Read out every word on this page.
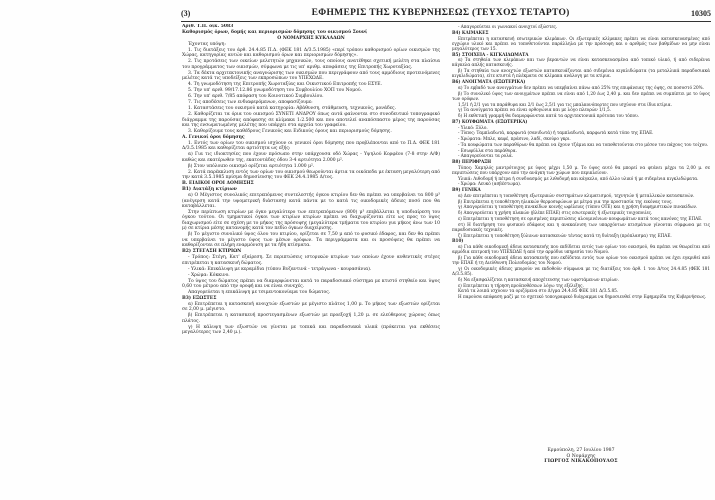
(3)	ΕΦΗΜΕΡΙΣ ΤΗΣ ΚΥΒΕΡΝΗΣΕΩΣ (ΤΕΥΧΟΣ ΤΕΤΑΡΤΟ)	10305

Αριθ. Τ.Π. οικ. 5083

Καθορισμός όρων, δομής και περιορισμών δόμησης του οικισμού Σουνί

Ο ΝΟΜΑΡΧΗΣ ΚΥΚΛΑΔΩΝ

Έχοντας υπόψη:

1. Τις διατάξεις του άρθ. 24.4.85 Π.Δ. (ΦΕΚ 181 Δ/3.5.1985) «περί τρόπου καθορισμού ορίων οικισμών της Χώρας, κατηγορίας αυτών και καθορισμού όρων και περιορισμών δόμησης».

2. Τις προτάσεις των οικείων μελετητών μηχανικών, τους οποίους ανατέθηκε σχετική μελέτη στα πλαίσια του προγράμματος των οικισμών, σύμφωνα με τις υπ' αριθμ. αποφάσεις της Επιτροπής Χωροταξίας.

3. Τα δέκτα αρχιτεκτονικής αναγνώρισης των οικισμών που περιγράφουν από τους αρμόδιους προτεινόμενες μελέτες κατά τις υποδείξεις των εκπροσώπων του ΥΠΕΧΩΔΕ.

4. Τη γνωμοδότηση της Επιτροπής Χωροταξίας και Οικιστικού Επιτροπής του ΕΣΥΕ.

5. Την υπ' αριθ. 99/17.12.86 γνωμοδότηση του Συμβουλίου ΧΟΠ του Νομού.

6. Την υπ' αριθ. 7/85 απόφαση του Κοινοτικού Συμβουλίου.

7. Τις αποδέσεις των ενδιαφερόμενων, αποφασίζουμε:

1. Καταστάσεις του οικισμού κατά κατηγορία: Αβάθυνση, στάθμευση, τεχνικούς, μονάδες.

2. Καθορίζεται τα όρια του οικισμού ΣΥΝΕΤΙ ΑΝΔΡΟΥ όπως αυτά φαίνονται στο συνοδευτικό τοπογραφικό διάγραμμα της παρούσας απόφασης σε κλίμακα 1:2.500 και που αποτελεί αναπόσπαστο μέρος της παρούσας και της ενσωματωμένης μελέτης που υπάρχει στα αρχεία του γραφείου.

3. Καθορίζουμε τους καθέδρους Γενικούς και Ειδικούς όρους και περιορισμούς δόμησης.

Α. Γενικοί όροι δόμησης

1. Εντός των ορίων του οικισμού ισχύουν οι γενικοί όροι δόμησης που προβλέπονται από το Π.Δ. ΦΕΚ 181 Δ/3.5.1985 και καθορίζεται αρτιότητα ως εξής:

α) Για τις ιδιοκτησίες που έχουν πρόσωπο στην υπάρχουσα οδό Χώρας - Υψηλού Κορφέου (7-8 στην Α/Φ) καθώς και εκατέρωθεν της, εκατοντάδες όδου 3-4 αρτιότητα 2.000 μ².

β) Στον υπόλοιπο οικισμό ορίζεται αρτιότητα 1.000 μ².

2. Κατά παρέκκλιση εντός των ορίων του οικισμού θεωρούνται άρτια τα οικόπεδα με έκταση μεγαλύτερη από την κατά 3.5.1985 πρίσμα δημοσίευσης του ΦΕΚ 24.4.1985 Δ/τος.

Β. ΕΙΔΙΚΟΙ ΟΡΟΙ ΔΟΜΗΣΗΣ

Β1) Διατάξη κτίριων

α) Ο Μέγιστος συνολικός επιτρεπόμενος συντελεστής όγκου κτιρίου δεν θα πρέπει να υπερβαίνει τα 800 μ³ (ανέγερση κατά την υψομετρική διάσταση) κατά πάντα με το κατά τις οικοδομικές άδειες ποσό που θα καταβάλλεται.

Στην περίπτωση κτιρίων με όγκο μεγαλύτερο των επιτρεπόμενων (800) μ³ επιβάλλεται η υποδιαίρεση του όγκου τούτου. Οι τμηματικοί όγκοι των κτιρίων κτιρίων πρέπει να διαχωρίζονται είτε ως προς το ύψος διαχωρισμού είτε σε σχέση με το μήκος της πρόσοψης (μεγαλύτερα τμήματα του κτιρίου για μήκος άνω των 10 μ) σε κτίρια μέσης κατανομής κατά τον πεδίο όγκων διαχείρισης.

β) Το μέγιστο συνολικό ύψος όλου του κτιρίου, ορίζεται σε 7,50 μ από το φυσικό έδαφος, και δεν θα πρέπει να υπερβαίνει το μέγιστο ύψος των μέσων ορόφων. Τα περιγράμματα και οι προσόψεις θα πρέπει να καθορίζονται σε πλήρη εναρμόνιση με τα ήδη κτίσματα.

Β2) ΣΤΕΓΑΣΗ ΚΤΙΡΙΩΝ

- Τρόπος: Στέγη, Κατ' εξαίρεση. Σε περιπτώσεις ιστορικών κτιρίων των οποίων έχουν αυθεντικές στέγες επιτρέπεται η κατασκευή δώματος.

- Υλικά: Επικάλυψη με κεραμίδια (τύπου Βυζαντινά - τετράγωνα - κουρασάνια).

- Χρώμα: Κόκκινο.

Το ύψος του δώματος πρέπει να διαμορφώνεται κατά το παραδοσιακό σύστημα με κτιστό στηθαίο και ύψος 0,60 του μέτρου από την οροφή και να είναι συνεχές.

Απαγορεύεται η επικάλυψη με τσιμεντοκονίαμα του δώματος.

Β3) ΕΞΩΣΤΕΣ

α) Επιτρέπεται η κατασκευή ανοιχτών εξωστών με μέγιστο πλάτος 1,00 μ. Το μήκος των εξωστών ορίζεται σε 2,00 μ. μέγιστο.

β) Επιτρέπεται η κατασκευή προστεγασμένων εξωστών με προεξοχή 1,20 μ. σε ελεύθερους χώρους όπως πλάτος.

γ) Η κάλυψη των εξωστών να γίνεται με τοπικά και παραδοσιακά υλικά (πρόκειται για εκθέσεις μεγαλύτερες των 2,40 μ.).

- Απαγορεύεται οι γωνιακοί ανοιχτοί εξώστες.

Β4) ΚΛΙΜΑΚΕΣ

Επιτρέπεται η κατασκευή εσωτερικών κλιμάκων. Οι εξωτερικές κλίμακες πρέπει να είναι κατασκευασμένες από εγχώριο υλικό και πρέπει να τοποθετούνται παράλληλα με την πρόσοψη και ο αριθμός των βαθμίδων να μην είναι μεγαλύτερος των 15.

Β5) ΣΤΟΙΧΕΙΑ - ΚΙΓΚΛΙΔΩΜΑΤΑ

α) Τα στηθαία των κλιμάκων και των βεραντών να είναι κατασκευασμένα από τοπικό υλικό, ή από σιδερένια κάγκελα απλής κατασκευής.

β) Τα στηθαία των ανοιχτών εξωστών κατασκευάζονται από σιδερένια κιγκλιδώματα (τα μεταλλικά παραδοσιακά κιγκλιδώματα), είτε κτιστά ή πλέκματα σε κλίμακα ανάλογη με τα κτίρια.

Β6) ΑΝΟΙΓΜΑΤΑ (ΕΞΩΤΕΡΙΚΑ)

α) Το εμβαδό των ανοιγμάτων δεν πρέπει να υπερβαίνει πάνω από 25% της επιφάνειας της όψης, σε ποσοστό 20%.

β) Το συνολικό ύψος των ανοιγμάτων πρέπει να είναι από 1,20 έως 2,40 μ. και δεν πρέπει να συμπίπτει με το ύψος των ορόφων.

1,5/1 ή 2/1 για τα παράθυρα και 2/1 έως 2,5/1 για τις μπαλκονόπορτες που ισχύουν στα ίδια κτίρια.

γ) Τα ανοίγματα πρέπει να είναι ορθογώνια και με λόγο πλευρών 1/1,5.

δ) Η εκθετική γραμμή θα διαμορφώνεται κατά τα αρχιτεκτονικά πρότυπα του τόπου.

Β7) ΚΟΥΦΩΜΑΤΑ (ΕΞΩΤΕΡΙΚΑ)

- Υλικό: Ξύλο.

- Τύπος: Ταμπλαδωτά, καρφωτά (σανιδωτά) ή ταμπλαδωτά, καρφωτά κατά τύπο της ΕΠΑΕ.

- Χρώματα: Μπλε, καφέ, πράσινο, λαδί, σκούρο γκρι.

- Τα κουφώματα των παραθύρων θα πρέπει να έχουν τζάμια και να τοποθετούνται στο μέσον του πάχους του τοίχου.

- Εσωφύλλα στα παράθυρα.

- Απαγορεύονται τα ρολά.

Β8) ΠΕΡΙΦΡΑΞΗ

Τύπος: Χαμηλός μαντρότοιχος με ύψος μέχρι 1,50 μ. Το ύψος αυτό θα μπορεί να φτάνει μέχρι τα 2,00 μ. σε περιπτώσεις που υπάρχουν από την ανάγκη των χώρων που περικλείουν.

Υλικά: Λιθοδομή ή πέτρα ή συνδυασμός με λιθοδομή και κάγκελο, από άλλο υλικό ή με σιδερένια κιγκλιδώματα.

- Χρώμα: Λευκό (ασβέστωμα).

Β9) ΓΕΝΙΚΑ

α) Δεν επιτρέπεται η τοποθέτηση εξωτερικών συστημάτων κλιματισμού, τεχνητών ή μεταλλικών κατασκευών.

β) Επιτρέπεται η τοποθέτηση ηλιακών θερμοσιφώνων με μέτρα για την προστασία της εικόνας τους.

γ) Απαγορεύεται η τοποθέτηση πινακίδων κοινής ωφέλειας (τύπου ΟΤΕ) και η χρήση διαφημιστικών πινακίδων.

δ) Απαγορεύεται η χρήση πλακών (βλέπε ΕΠΑΕ) στις εσωτερικές ή εξωτερικές τοιχοποιίες.

ε) Επιτρέπεται η τοποθέτηση σε ορισμένες περιπτώσεις αλουμινένιων κουφωμάτων κατά τους κανόνες της ΕΠΑΕ.

στ) Η διατήρηση του φυσικού εδάφους και η ανακαίνιση των υπαρχόντων κτισμάτων γίνονται σύμφωνα με τις παραδοσιακές τεχνικές.

ζ) Επιτρέπεται η τοποθέτηση ξύλινων κατασκευών τέντας κατά τη διάταξη (πρόπλασμα) της ΕΠΑΕ.

Β10)

α) Για κάθε οικοδομική άδεια κατασκευής που εκδίδεται εντός των ορίων του οικισμού, θα πρέπει να θεωρείται από αρμόδια επιτροπή του ΥΠΕΧΩΔΕ ή από την αρμόδια υπηρεσία του Νομού.

β) Για κάθε οικοδομική άδεια κατασκευής που εκδίδεται εντός των ορίων του οικισμού πρέπει να έχει εγκριθεί από την ΕΠΑΕ ή τη Διεύθυνση Πολεοδομίας του Νομού.

γ) Οι οικοδομικές άδειες μπορούν να εκδοθούν σύμφωνα με τις διατάξεις του άρθ. 1 του Δ/τος 24.4.85 (ΦΕΚ 181 Δ/3.5.85).

δ) Να εξασφαλίζεται η κατασκευή αποχέτευσης των υφιστάμενων κτιρίων.

ε) Επιτρέπεται η τήρηση προϋποθέσεων λόγω της εξέλιξης.

Κατά τα λοιπά ισχύουν τα οριζόμενα στο Δ/γμα 24.4.85 ΦΕΚ 181 Δ/3.5.85.

Η παρούσα απόφαση μαζί με το σχετικό τοπογραφικό διάγραμμα να δημοσιευθεί στην Εφημερίδα της Κυβερνήσεως.

Ερμούπολη, 27 Ιουλίου 1987
Ο Νομάρχης
ΓΙΩΡΓΟΣ ΝΙΚΑΚΟΠΟΥΛΟΣ
